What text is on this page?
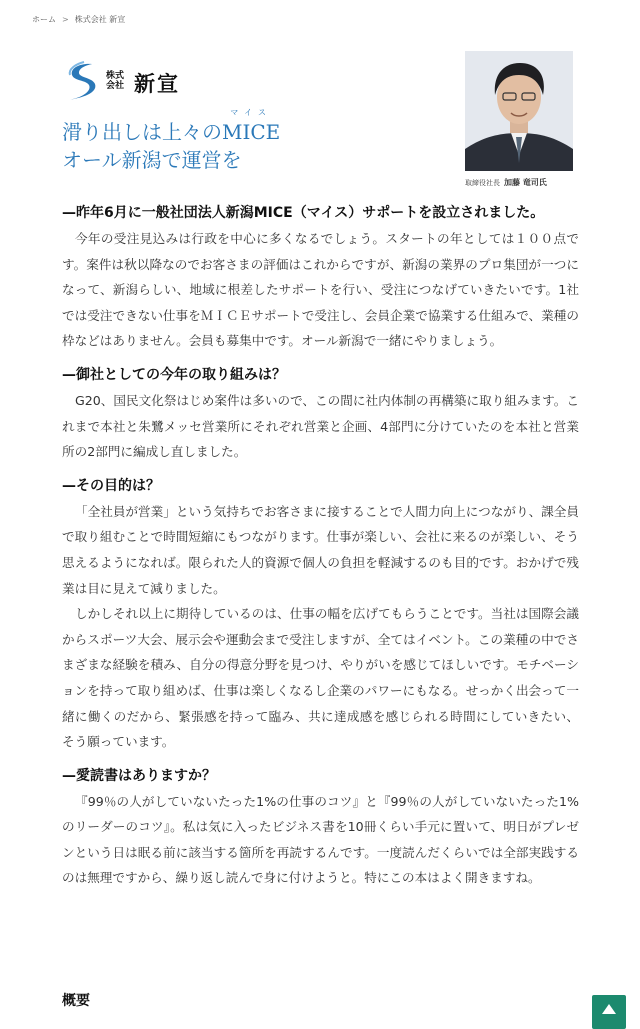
ホーム > 株式会社 新宣
株式
会社 新宣
滑り出しは上々の
マイス
MICE
オール新潟で運営を
取締役社長 加藤 竜司氏

—昨年6月に一般社団法人新潟MICE（マイス）サポートを設立されました。

今年の受注見込みは行政を中心に多くなるでしょう。スタートの年としては１００点です。案件は秋以降なのでお客さまの評価はこれからですが、新潟の業界のプロ集団が一つになって、新潟らしい、地域に根差したサポートを行い、受注につなげていきたいです。1社では受注できない仕事をＭＩＣＥサポートで受注し、会員企業で協業する仕組みで、業種の枠などはありません。会員も募集中です。オール新潟で一緒にやりましょう。

—御社としての今年の取り組みは？

G20、国民文化祭はじめ案件は多いので、この間に社内体制の再構築に取り組みます。これまで本社と朱鷺メッセ営業所にそれぞれ営業と企画、4部門に分けていたのを本社と営業所の2部門に編成し直しました。

—その目的は？

「全社員が営業」という気持ちでお客さまに接することで人間力向上につながり、課全員で取り組むことで時間短縮にもつながります。仕事が楽しい、会社に来るのが楽しい、そう思えるようになれば。限られた人的資源で個人の負担を軽減するのも目的です。おかげで残業は目に見えて減りました。

しかしそれ以上に期待しているのは、仕事の幅を広げてもらうことです。当社は国際会議からスポーツ大会、展示会や運動会まで受注しますが、全てはイベント。この業種の中でさまざまな経験を積み、自分の得意分野を見つけ、やりがいを感じてほしいです。モチベーションを持って取り組めば、仕事は楽しくなるし企業のパワーにもなる。せっかく出会って一緒に働くのだから、緊張感を持って臨み、共に達成感を感じられる時間にしていきたい、そう願っています。

—愛読書はありますか？

『99％の人がしていないたった1%の仕事のコツ』と『99％の人がしていないたった1%のリーダーのコツ』。私は気に入ったビジネス書を10冊くらい手元に置いて、明日がプレゼンという日は眠る前に該当する箇所を再読するんです。一度読んだくらいでは全部実践するのは無理ですから、繰り返し読んで身に付けようと。特にこの本はよく開きますね。

概要
